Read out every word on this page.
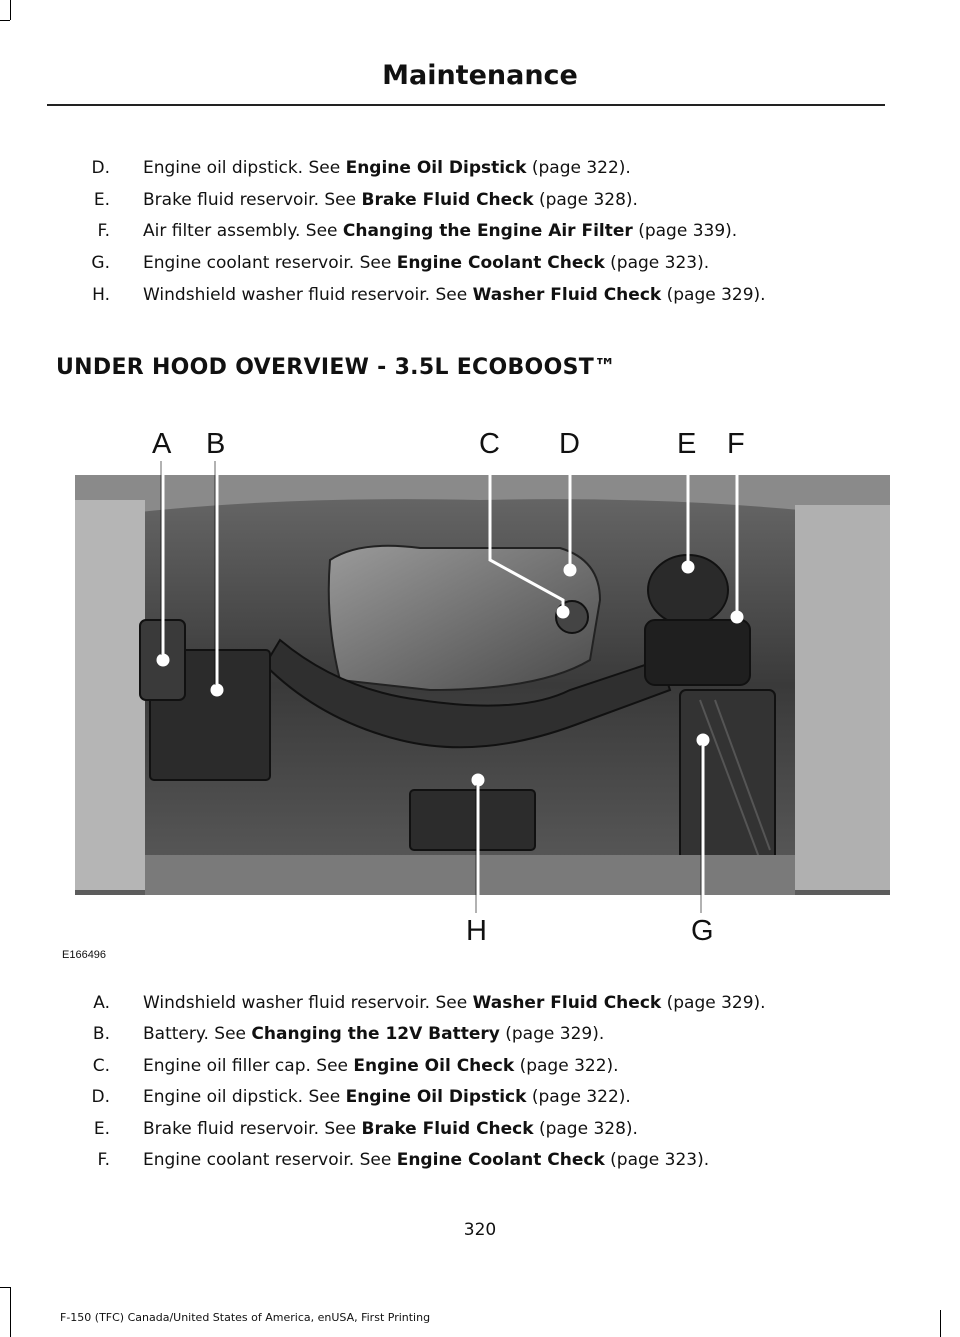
Maintenance
D. Engine oil dipstick. See Engine Oil Dipstick (page 322).
E. Brake fluid reservoir. See Brake Fluid Check (page 328).
F. Air filter assembly. See Changing the Engine Air Filter (page 339).
G. Engine coolant reservoir. See Engine Coolant Check (page 323).
H. Windshield washer fluid reservoir. See Washer Fluid Check (page 329).
UNDER HOOD OVERVIEW - 3.5L ECOBOOST™
A B	C D	E F
G
H
E166496
A. Windshield washer fluid reservoir. See Washer Fluid Check (page 329).
B. Battery. See Changing the 12V Battery (page 329).
C. Engine oil filler cap. See Engine Oil Check (page 322).
D. Engine oil dipstick. See Engine Oil Dipstick (page 322).
E. Brake fluid reservoir. See Brake Fluid Check (page 328).
F. Engine coolant reservoir. See Engine Coolant Check (page 323).
320
F-150 (TFC) Canada/United States of America, enUSA, First Printing
